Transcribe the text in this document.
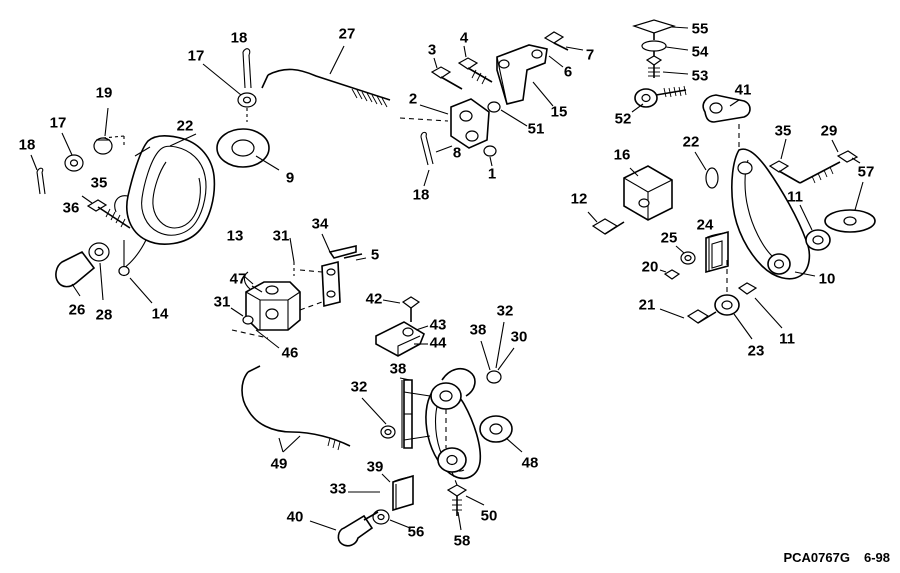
55
54
53
7
6
4
3
27
18
17
19
17
18
22
2
15
51
41
52
35 29
22
8
1
18
9
16
57
11
35
36
12
24
13
34
31	25
20
5
10
47
28	14
26
42
31	21
32
30
43 38
44
46
11
23
38
32
48
49	39
33
50
56
58
40
PCA0767G 6-98
